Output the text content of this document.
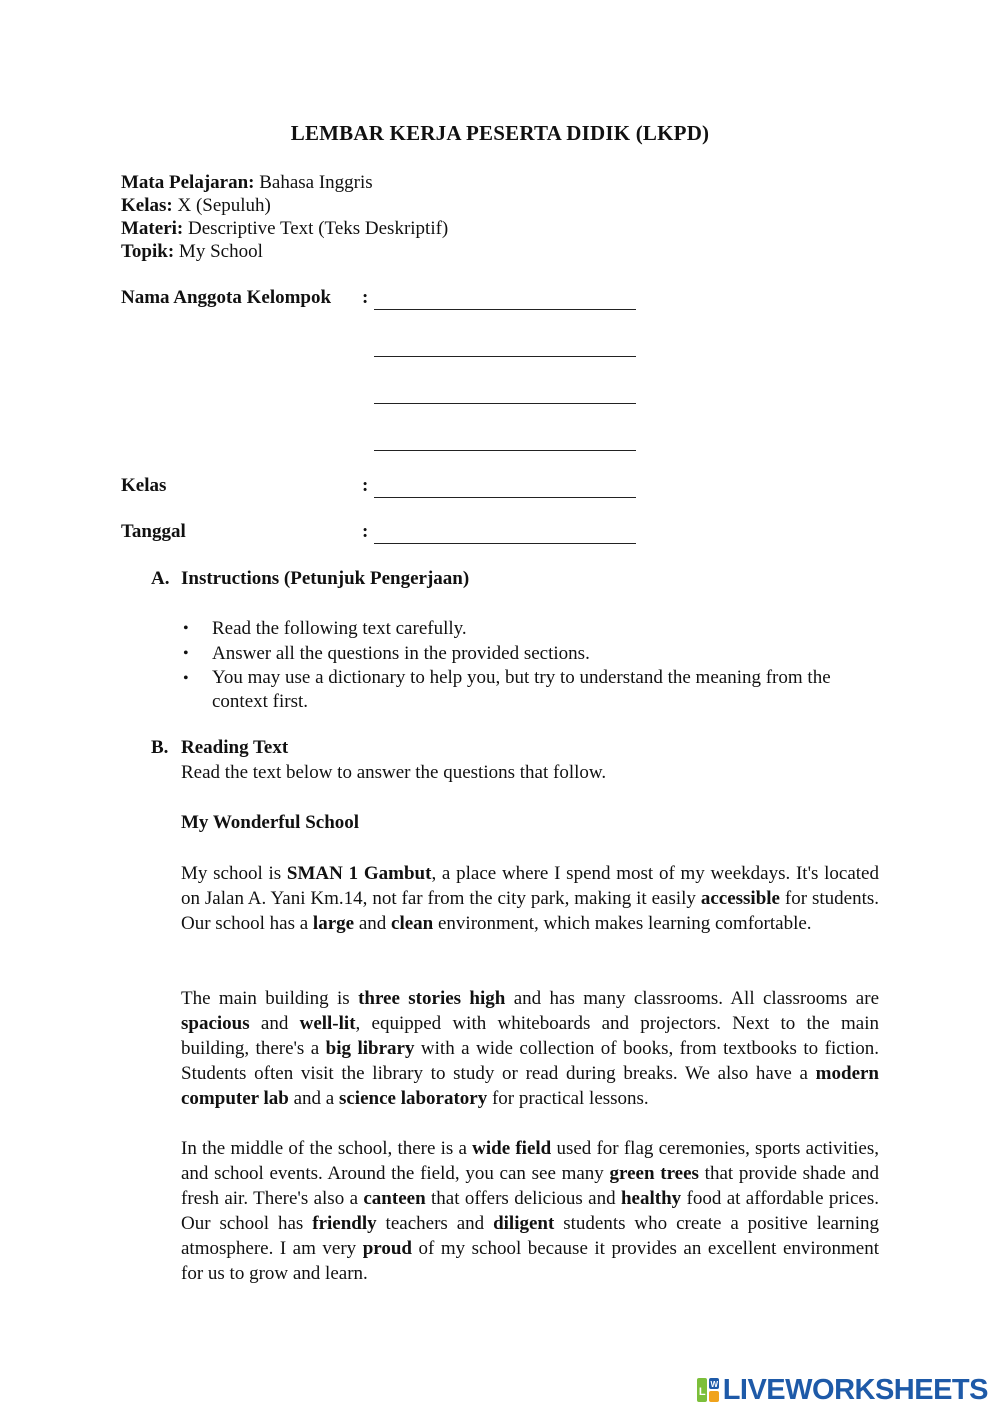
LEMBAR KERJA PESERTA DIDIK (LKPD)
Mata Pelajaran: Bahasa Inggris
Kelas: X (Sepuluh)
Materi: Descriptive Text (Teks Deskriptif)
Topik: My School
Nama Anggota Kelompok :
Kelas	:
Tanggal	:
A. Instructions (Petunjuk Pengerjaan)
• Read the following text carefully.
• Answer all the questions in the provided sections.
• You may use a dictionary to help you, but try to understand the meaning from the context first.
B. Reading Text
Read the text below to answer the questions that follow.
My Wonderful School
My school is SMAN 1 Gambut, a place where I spend most of my weekdays. It's located on Jalan A. Yani Km.14, not far from the city park, making it easily accessible for students. Our school has a large and clean environment, which makes learning comfortable.
The main building is three stories high and has many classrooms. All classrooms are spacious and well-lit, equipped with whiteboards and projectors. Next to the main building, there's a big library with a wide collection of books, from textbooks to fiction. Students often visit the library to study or read during breaks. We also have a modern computer lab and a science laboratory for practical lessons.
In the middle of the school, there is a wide field used for flag ceremonies, sports activities, and school events. Around the field, you can see many green trees that provide shade and fresh air. There's also a canteen that offers delicious and healthy food at affordable prices. Our school has friendly teachers and diligent students who create a positive learning atmosphere. I am very proud of my school because it provides an excellent environment for us to grow and learn.
L
W LIVEWORKSHEETS
